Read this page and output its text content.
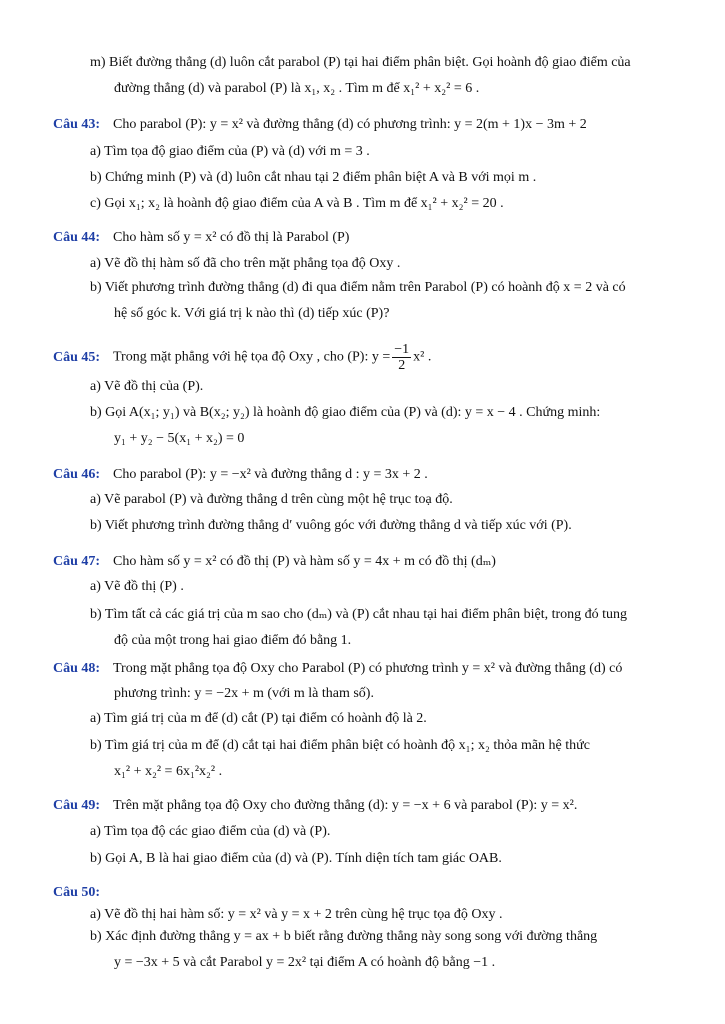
m) Biết đường thẳng (d) luôn cắt parabol (P) tại hai điểm phân biệt. Gọi hoành độ giao điểm của
đường thẳng (d) và parabol (P) là x₁, x₂ . Tìm m để x₁² + x₂² = 6 .
Câu 43: Cho parabol (P): y = x² và đường thẳng (d) có phương trình: y = 2(m + 1)x − 3m + 2
a) Tìm tọa độ giao điểm của (P) và (d) với m = 3 .
b) Chứng minh (P) và (d) luôn cắt nhau tại 2 điểm phân biệt A và B với mọi m .
c) Gọi x₁; x₂ là hoành độ giao điểm của A và B . Tìm m để x₁² + x₂² = 20 .
Câu 44: Cho hàm số y = x² có đồ thị là Parabol (P)
a) Vẽ đồ thị hàm số đã cho trên mặt phẳng tọa độ Oxy .
b) Viết phương trình đường thẳng (d) đi qua điểm nằm trên Parabol (P) có hoành độ x = 2 và có
hệ số góc k. Với giá trị k nào thì (d) tiếp xúc (P)?
Câu 45: Trong mặt phẳng với hệ tọa độ Oxy , cho (P): $y = \frac{-1}{2} x^2$ .
a) Vẽ đồ thị của (P).
b) Gọi A(x₁; y₁) và B(x₂; y₂) là hoành độ giao điểm của (P) và (d): y = x − 4 . Chứng minh:
y₁ + y₂ − 5(x₁ + x₂) = 0
Câu 46: Cho parabol (P): y = −x² và đường thẳng d : y = 3x + 2 .
a) Vẽ parabol (P) và đường thẳng d trên cùng một hệ trục toạ độ.
b) Viết phương trình đường thẳng d′ vuông góc với đường thẳng d và tiếp xúc với (P).
Câu 47: Cho hàm số y = x² có đồ thị (P) và hàm số y = 4x + m có đồ thị (dₘ)
a) Vẽ đồ thị (P) .
b) Tìm tất cả các giá trị của m sao cho (dₘ) và (P) cắt nhau tại hai điểm phân biệt, trong đó tung
độ của một trong hai giao điểm đó bằng 1.
Câu 48: Trong mặt phẳng tọa độ Oxy cho Parabol (P) có phương trình y = x² và đường thẳng (d) có
phương trình: y = −2x + m (với m là tham số).
a) Tìm giá trị của m để (d) cắt (P) tại điểm có hoành độ là 2.
b) Tìm giá trị của m để (d) cắt tại hai điểm phân biệt có hoành độ x₁; x₂ thỏa mãn hệ thức
x₁² + x₂² = 6x₁²x₂² .
Câu 49: Trên mặt phẳng tọa độ Oxy cho đường thẳng (d): y = −x + 6 và parabol (P): y = x².
a) Tìm tọa độ các giao điểm của (d) và (P).
b) Gọi A, B là hai giao điểm của (d) và (P). Tính diện tích tam giác OAB.
Câu 50:
a) Vẽ đồ thị hai hàm số: y = x² và y = x + 2 trên cùng hệ trục tọa độ Oxy .
b) Xác định đường thẳng y = ax + b biết rằng đường thẳng này song song với đường thẳng
y = −3x + 5 và cắt Parabol y = 2x² tại điểm A có hoành độ bằng −1 .
